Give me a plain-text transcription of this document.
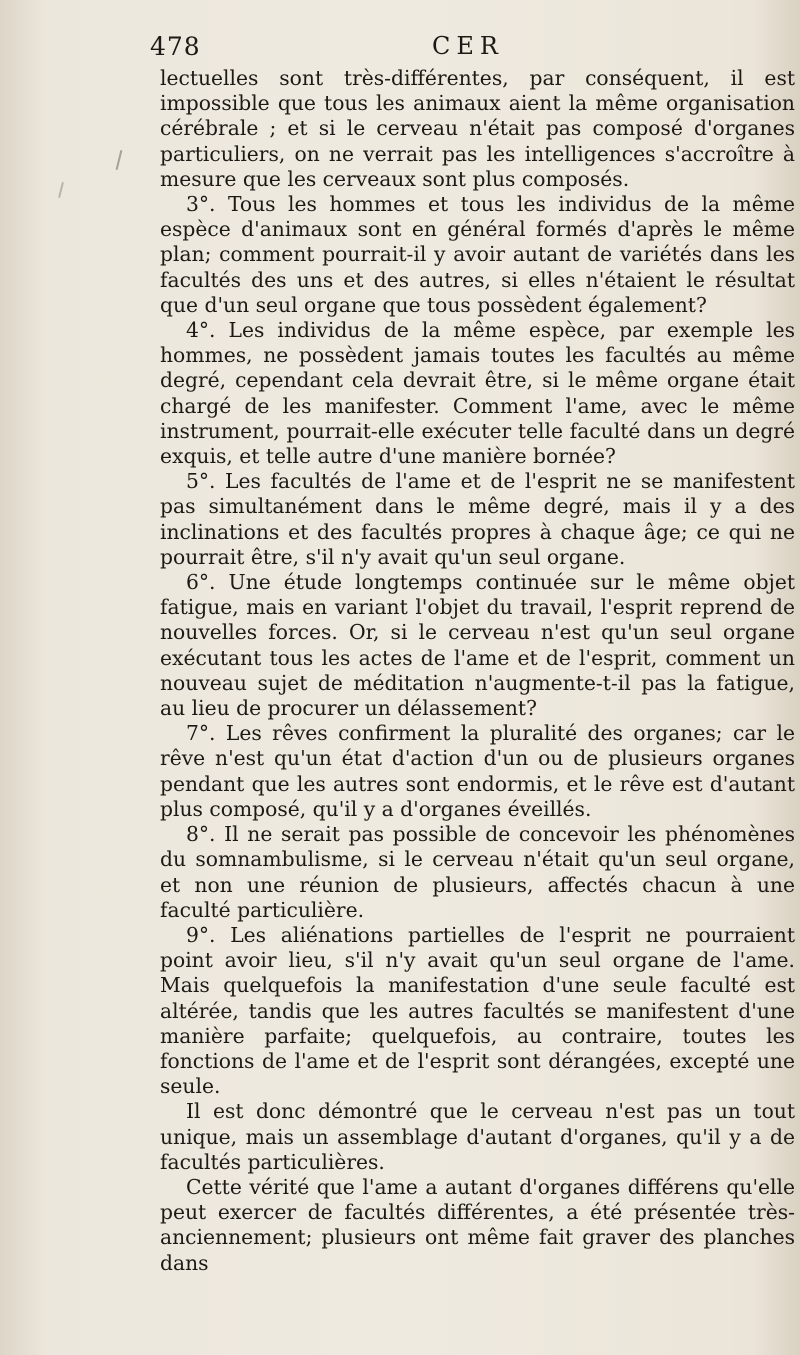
478	CER

lectuelles sont très-différentes, par conséquent, il est impossible que tous les animaux aient la même organisation cérébrale ; et si le cerveau n'était pas composé d'organes particuliers, on ne verrait pas les intelligences s'accroître à mesure que les cerveaux sont plus composés.

3°. Tous les hommes et tous les individus de la même espèce d'animaux sont en général formés d'après le même plan; comment pourrait-il y avoir autant de variétés dans les facultés des uns et des autres, si elles n'étaient le résultat que d'un seul organe que tous possèdent également?

4°. Les individus de la même espèce, par exemple les hommes, ne possèdent jamais toutes les facultés au même degré, cependant cela devrait être, si le même organe était chargé de les manifester. Comment l'ame, avec le même instrument, pourrait-elle exécuter telle faculté dans un degré exquis, et telle autre d'une manière bornée?

5°. Les facultés de l'ame et de l'esprit ne se manifestent pas simultanément dans le même degré, mais il y a des inclinations et des facultés propres à chaque âge; ce qui ne pourrait être, s'il n'y avait qu'un seul organe.

6°. Une étude longtemps continuée sur le même objet fatigue, mais en variant l'objet du travail, l'esprit reprend de nouvelles forces. Or, si le cerveau n'est qu'un seul organe exécutant tous les actes de l'ame et de l'esprit, comment un nouveau sujet de méditation n'augmente-t-il pas la fatigue, au lieu de procurer un délassement?

7°. Les rêves confirment la pluralité des organes; car le rêve n'est qu'un état d'action d'un ou de plusieurs organes pendant que les autres sont endormis, et le rêve est d'autant plus composé, qu'il y a d'organes éveillés.

8°. Il ne serait pas possible de concevoir les phénomènes du somnambulisme, si le cerveau n'était qu'un seul organe, et non une réunion de plusieurs, affectés chacun à une faculté particulière.

9°. Les aliénations partielles de l'esprit ne pourraient point avoir lieu, s'il n'y avait qu'un seul organe de l'ame. Mais quelquefois la manifestation d'une seule faculté est altérée, tandis que les autres facultés se manifestent d'une manière parfaite; quelquefois, au contraire, toutes les fonctions de l'ame et de l'esprit sont dérangées, excepté une seule.

Il est donc démontré que le cerveau n'est pas un tout unique, mais un assemblage d'autant d'organes, qu'il y a de facultés particulières.

Cette vérité que l'ame a autant d'organes différens qu'elle peut exercer de facultés différentes, a été présentée très-anciennement; plusieurs ont même fait graver des planches dans
